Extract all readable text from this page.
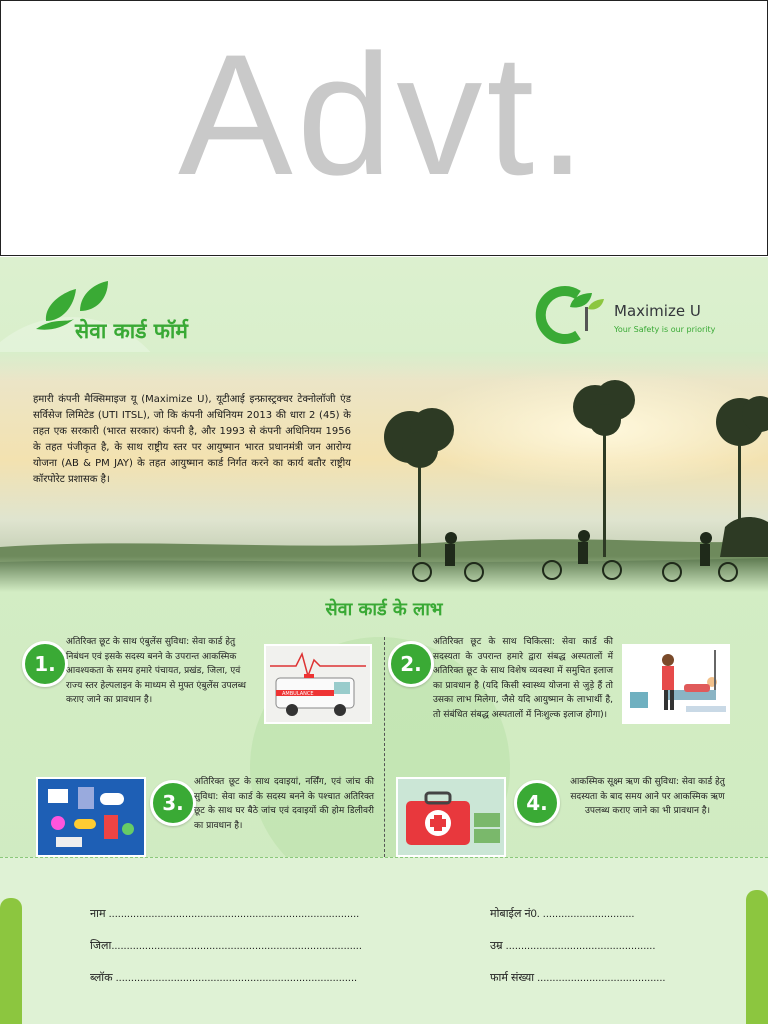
Advt.
सेवा कार्ड फॉर्म
Maximize U
Your Safety is our priority
हमारी कंपनी मैक्सिमाइज यू (Maximize U), यूटीआई इन्फ्रास्ट्रक्चर टेक्नोलॉजी एंड सर्विसेज लिमिटेड (UTI ITSL), जो कि कंपनी अधिनियम 2013 की धारा 2 (45) के तहत एक सरकारी (भारत सरकार) कंपनी है, और 1993 से कंपनी अधिनियम 1956 के तहत पंजीकृत है, के साथ राष्ट्रीय स्तर पर आयुष्मान भारत प्रधानमंत्री जन आरोग्य योजना (AB & PM JAY) के तहत आयुष्मान कार्ड निर्गत करने का कार्य बतौर राष्ट्रीय कॉरपोरेट प्रशासक है।
सेवा कार्ड के लाभ
1.
अतिरिक्त छूट के साथ एंबुलेंस सुविधा: सेवा कार्ड हेतु निबंधन एवं इसके सदस्य बनने के उपरान्त आकस्मिक आवश्यकता के समय हमारे पंचायत, प्रखंड, जिला, एवं राज्य स्तर हेल्पलाइन के माध्यम से मुफ्त एंबुलेंस उपलब्ध कराए जाने का प्रावधान है।
AMBULANCE
2.
अतिरिक्त छूट के साथ चिकित्सा: सेवा कार्ड की सदस्यता के उपरान्त हमारे द्वारा संबद्ध अस्पतालों में अतिरिक्त छूट के साथ विशेष व्यवस्था में समुचित इलाज का प्रावधान है (यदि किसी स्वास्थ्य योजना से जुड़े हैं तो उसका लाभ मिलेगा, जैसे यदि आयुष्मान के लाभार्थी है, तो संबंधित संबद्ध अस्पतालों में निःशुल्क इलाज होगा)।
3.
अतिरिक्त छूट के साथ दवाइयां, नर्सिंग, एवं जांच की सुविधा: सेवा कार्ड के सदस्य बनने के पश्चात अतिरिक्त छूट के साथ घर बैठे जांच एवं दवाइयों की होम डिलीवरी का प्रावधान है।
4.
आकस्मिक सूक्ष्म ऋण की सुविधा: सेवा कार्ड हेतु सदस्यता के बाद समय आने पर आकस्मिक ऋण उपलब्ध कराए जाने का भी प्रावधान है।
नाम ..................................................................................	मोबाईल नं0. ..............................
जिला..................................................................................	उम्र .................................................
ब्लॉक ...............................................................................	फार्म संख्या ..........................................
